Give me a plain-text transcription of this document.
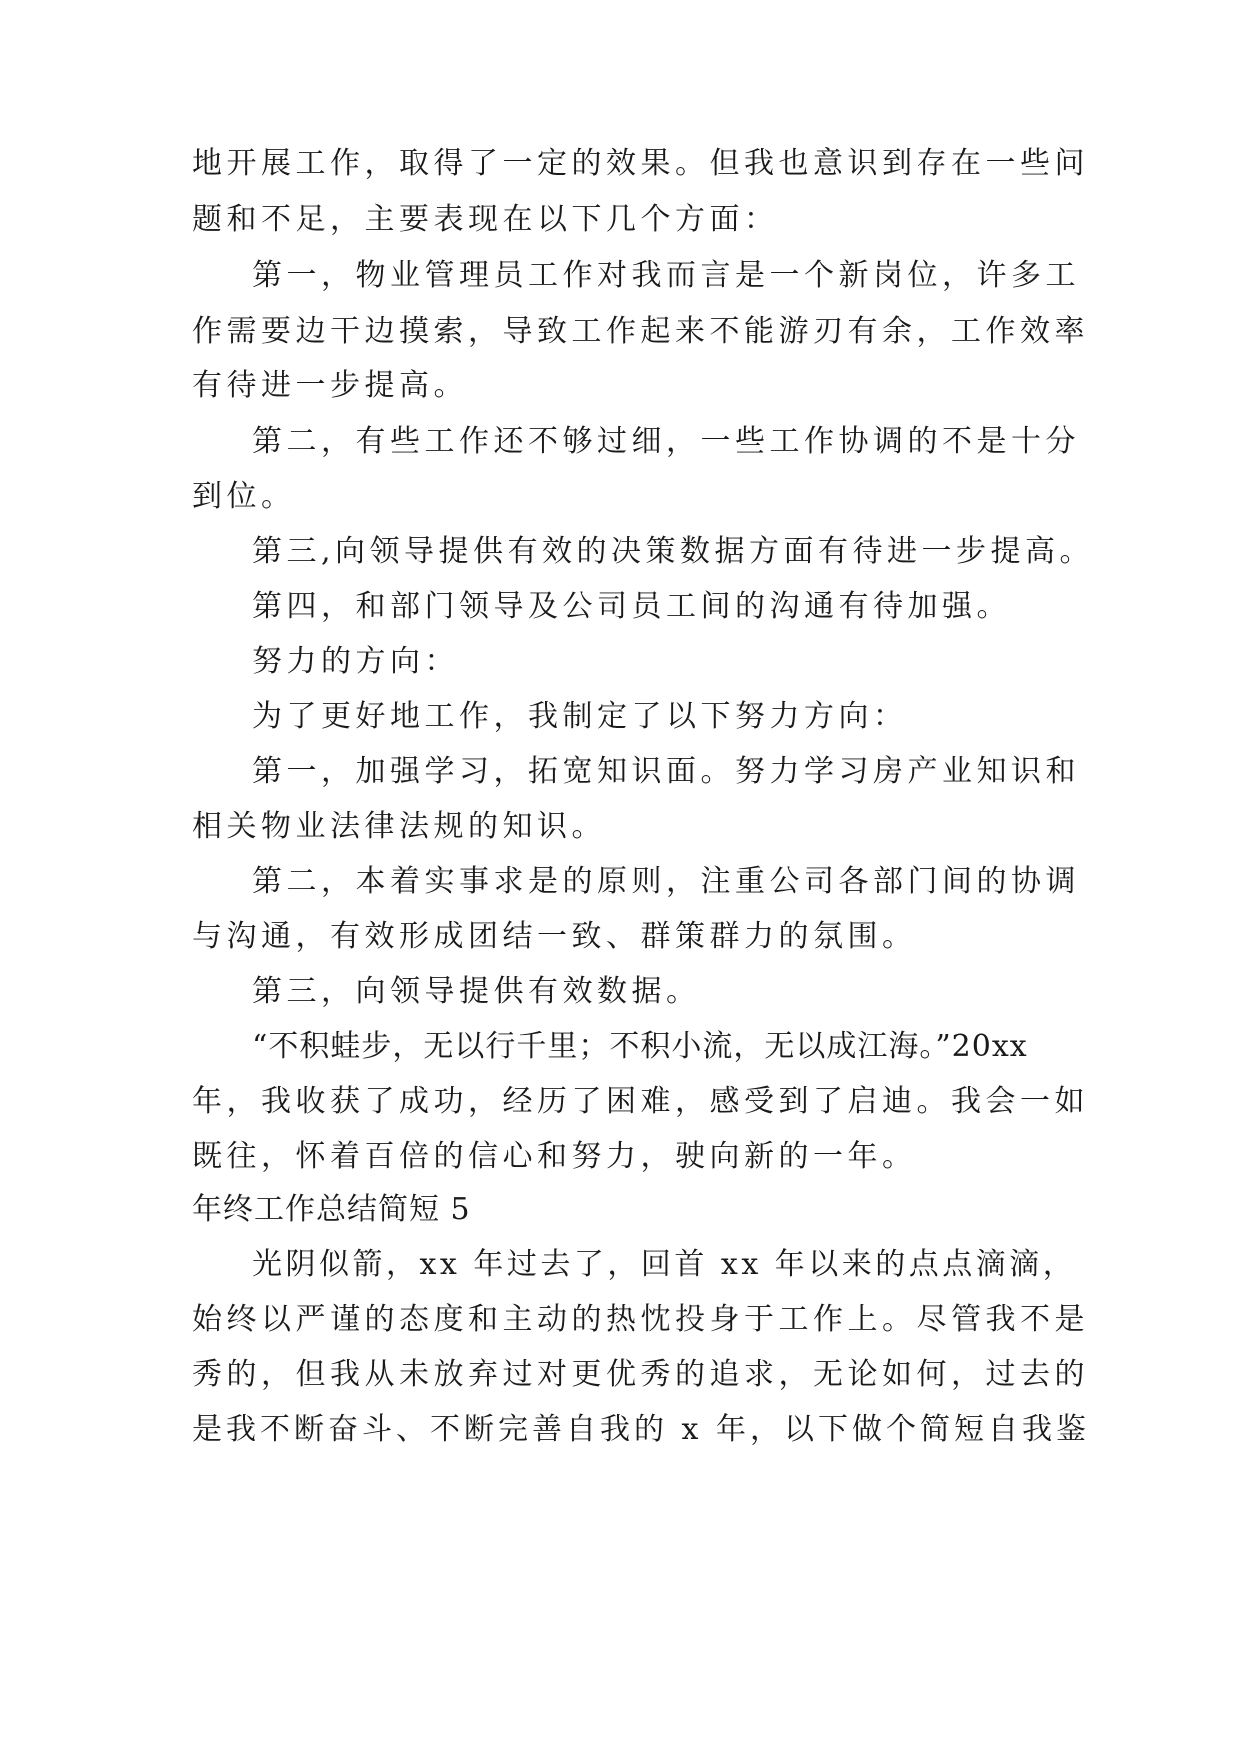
地开展工作，取得了一定的效果。但我也意识到存在一些问
题和不足，主要表现在以下几个方面：
第一，物业管理员工作对我而言是一个新岗位，许多工
作需要边干边摸索，导致工作起来不能游刃有余，工作效率
有待进一步提高。
第二，有些工作还不够过细，一些工作协调的不是十分
到位。
第三,向领导提供有效的决策数据方面有待进一步提高。
第四，和部门领导及公司员工间的沟通有待加强。
努力的方向：
为了更好地工作，我制定了以下努力方向：
第一，加强学习，拓宽知识面。努力学习房产业知识和
相关物业法律法规的知识。
第二，本着实事求是的原则，注重公司各部门间的协调
与沟通，有效形成团结一致、群策群力的氛围。
第三，向领导提供有效数据。
“不积蛙步，无以行千里；不积小流，无以成江海。”20xx
年，我收获了成功，经历了困难，感受到了启迪。我会一如
既往，怀着百倍的信心和努力，驶向新的一年。
年终工作总结简短 5
光阴似箭，xx 年过去了，回首 xx 年以来的点点滴滴，
始终以严谨的态度和主动的热忱投身于工作上。尽管我不是
秀的，但我从未放弃过对更优秀的追求，无论如何，过去的
是我不断奋斗、不断完善自我的 x 年，以下做个简短自我鉴
